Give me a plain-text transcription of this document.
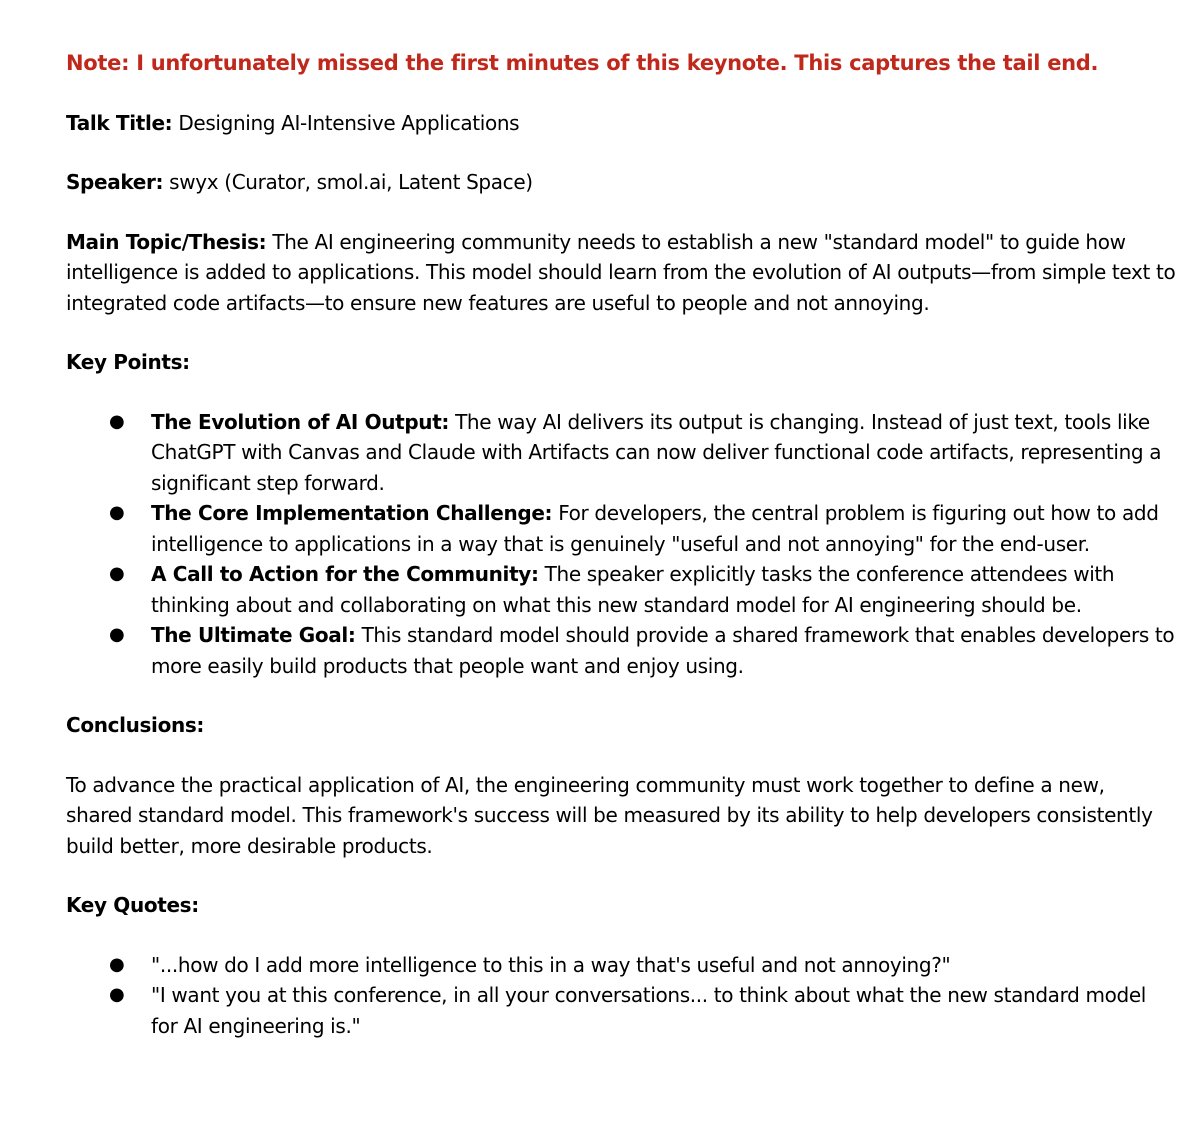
Note: I unfortunately missed the first minutes of this keynote. This captures the tail end.

Talk Title: Designing AI-Intensive Applications

Speaker: swyx (Curator, smol.ai, Latent Space)

Main Topic/Thesis: The AI engineering community needs to establish a new "standard model" to guide how intelligence is added to applications. This model should learn from the evolution of AI outputs—from simple text to integrated code artifacts—to ensure new features are useful to people and not annoying.

Key Points:

● The Evolution of AI Output: The way AI delivers its output is changing. Instead of just text, tools like ChatGPT with Canvas and Claude with Artifacts can now deliver functional code artifacts, representing a significant step forward.
● The Core Implementation Challenge: For developers, the central problem is figuring out how to add intelligence to applications in a way that is genuinely "useful and not annoying" for the end-user.
● A Call to Action for the Community: The speaker explicitly tasks the conference attendees with thinking about and collaborating on what this new standard model for AI engineering should be.
● The Ultimate Goal: This standard model should provide a shared framework that enables developers to more easily build products that people want and enjoy using.

Conclusions:

To advance the practical application of AI, the engineering community must work together to define a new, shared standard model. This framework's success will be measured by its ability to help developers consistently build better, more desirable products.

Key Quotes:

● "...how do I add more intelligence to this in a way that's useful and not annoying?"
● "I want you at this conference, in all your conversations... to think about what the new standard model for AI engineering is."
